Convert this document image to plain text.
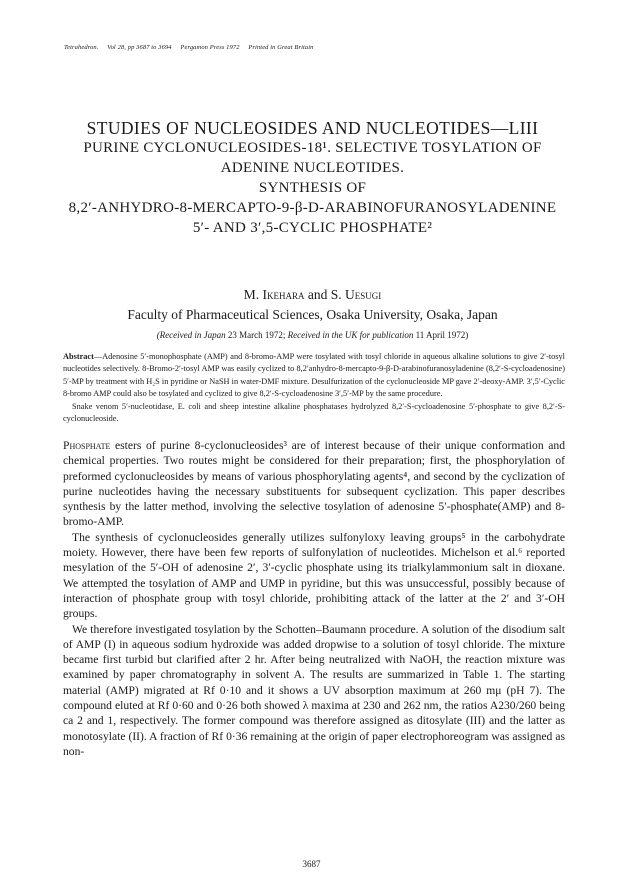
Tetrahedron. Vol 28, pp 3687 to 3694 Pergamon Press 1972 Printed in Great Britain
STUDIES OF NUCLEOSIDES AND NUCLEOTIDES—LIII
PURINE CYCLONUCLEOSIDES-18¹. SELECTIVE TOSYLATION OF
ADENINE NUCLEOTIDES.
SYNTHESIS OF
8,2′-ANHYDRO-8-MERCAPTO-9-β-D-ARABINOFURANOSYLADENINE
5′- AND 3′,5-CYCLIC PHOSPHATE²
M. Ikehara and S. Uesugi
Faculty of Pharmaceutical Sciences, Osaka University, Osaka, Japan
(Received in Japan 23 March 1972; Received in the UK for publication 11 April 1972)

Abstract—Adenosine 5′-monophosphate (AMP) and 8-bromo-AMP were tosylated with tosyl chloride in aqueous alkaline solutions to give 2′-tosyl nucleotides selectively. 8-Bromo-2′-tosyl AMP was easily cyclized to 8,2′anhydro-8-mercapto-9-β-D-arabinofuranosyladenine (8,2′-S-cycloadenosine) 5′-MP by treatment with H₂S in pyridine or NaSH in water-DMF mixture. Desulfurization of the cyclonucleoside MP gave 2′-deoxy-AMP. 3′,5′-Cyclic 8-bromo AMP could also be tosylated and cyclized to give 8,2′-S-cycloadenosine 3′,5′-MP by the same procedure.

Snake venom 5′-nucleotidase, E. coli and sheep intestine alkaline phosphatases hydrolyzed 8,2′-S-cycloadenosine 5′-phosphate to give 8,2′-S-cyclonucleoside.

Phosphate esters of purine 8-cyclonucleosides³ are of interest because of their unique conformation and chemical properties. Two routes might be considered for their preparation; first, the phosphorylation of preformed cyclonucleosides by means of various phosphorylating agents⁴, and second by the cyclization of purine nucleotides having the necessary substituents for subsequent cyclization. This paper describes synthesis by the latter method, involving the selective tosylation of adenosine 5′-phosphate(AMP) and 8-bromo-AMP.

The synthesis of cyclonucleosides generally utilizes sulfonyloxy leaving groups⁵ in the carbohydrate moiety. However, there have been few reports of sulfonylation of nucleotides. Michelson et al.⁶ reported mesylation of the 5′-OH of adenosine 2′, 3′-cyclic phosphate using its trialkylammonium salt in dioxane. We attempted the tosylation of AMP and UMP in pyridine, but this was unsuccessful, possibly because of interaction of phosphate group with tosyl chloride, prohibiting attack of the latter at the 2′ and 3′-OH groups.

We therefore investigated tosylation by the Schotten–Baumann procedure. A solution of the disodium salt of AMP (I) in aqueous sodium hydroxide was added dropwise to a solution of tosyl chloride. The mixture became first turbid but clarified after 2 hr. After being neutralized with NaOH, the reaction mixture was examined by paper chromatography in solvent A. The results are summarized in Table 1. The starting material (AMP) migrated at Rf 0·10 and it shows a UV absorption maximum at 260 mμ (pH 7). The compound eluted at Rf 0·60 and 0·26 both showed λ maxima at 230 and 262 nm, the ratios A230/260 being ca 2 and 1, respectively. The former compound was therefore assigned as ditosylate (III) and the latter as monotosylate (II). A fraction of Rf 0·36 remaining at the origin of paper electrophoreogram was assigned as non-

3687
